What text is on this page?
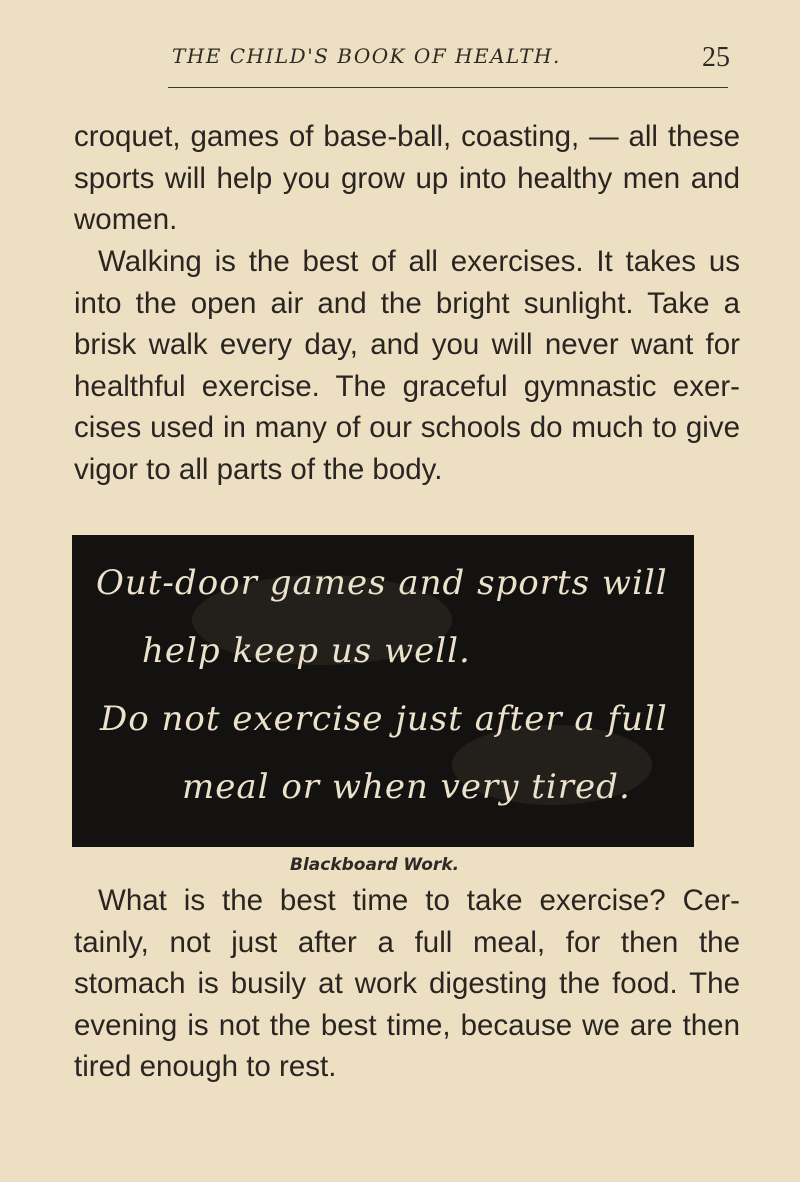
THE CHILD'S BOOK OF HEALTH.	25

croquet, games of base-ball, coasting, — all these
sports will help you grow up into healthy men and
women.

Walking is the best of all exercises. It takes us
into the open air and the bright sunlight. Take a
brisk walk every day, and you will never want for
healthful exercise. The graceful gymnastic exer-
cises used in many of our schools do much to give
vigor to all parts of the body.

Out-door games and sports will
help keep us well.
Do not exercise just after a full
meal or when very tired.
Blackboard Work.

What is the best time to take exercise? Cer-
tainly, not just after a full meal, for then the
stomach is busily at work digesting the food. The
evening is not the best time, because we are then
tired enough to rest.
